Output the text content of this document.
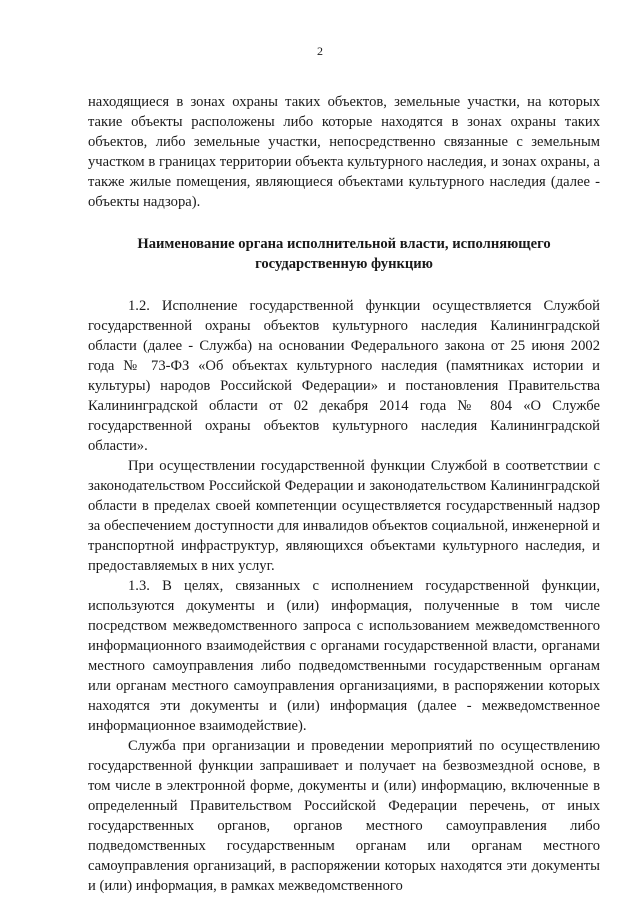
2

находящиеся в зонах охраны таких объектов, земельные участки, на которых такие объекты расположены либо которые находятся в зонах охраны таких объектов, либо земельные участки, непосредственно связанные с земельным участком в границах территории объекта культурного наследия, и зонах охраны, а также жилые помещения, являющиеся объектами культурного наследия (далее - объекты надзора).

Наименование органа исполнительной власти, исполняющего государственную функцию

1.2. Исполнение государственной функции осуществляется Службой государственной охраны объектов культурного наследия Калининградской области (далее - Служба) на основании Федерального закона от 25 июня 2002 года № 73-ФЗ «Об объектах культурного наследия (памятниках истории и культуры) народов Российской Федерации» и постановления Правительства Калининградской области от 02 декабря 2014 года № 804 «О Службе государственной охраны объектов культурного наследия Калининградской области».

При осуществлении государственной функции Службой в соответствии с законодательством Российской Федерации и законодательством Калининградской области в пределах своей компетенции осуществляется государственный надзор за обеспечением доступности для инвалидов объектов социальной, инженерной и транспортной инфраструктур, являющихся объектами культурного наследия, и предоставляемых в них услуг.

1.3. В целях, связанных с исполнением государственной функции, используются документы и (или) информация, полученные в том числе посредством межведомственного запроса с использованием межведомственного информационного взаимодействия с органами государственной власти, органами местного самоуправления либо подведомственными государственным органам или органам местного самоуправления организациями, в распоряжении которых находятся эти документы и (или) информация (далее - межведомственное информационное взаимодействие).

Служба при организации и проведении мероприятий по осуществлению государственной функции запрашивает и получает на безвозмездной основе, в том числе в электронной форме, документы и (или) информацию, включенные в определенный Правительством Российской Федерации перечень, от иных государственных органов, органов местного самоуправления либо подведомственных государственным органам или органам местного самоуправления организаций, в распоряжении которых находятся эти документы и (или) информация, в рамках межведомственного
